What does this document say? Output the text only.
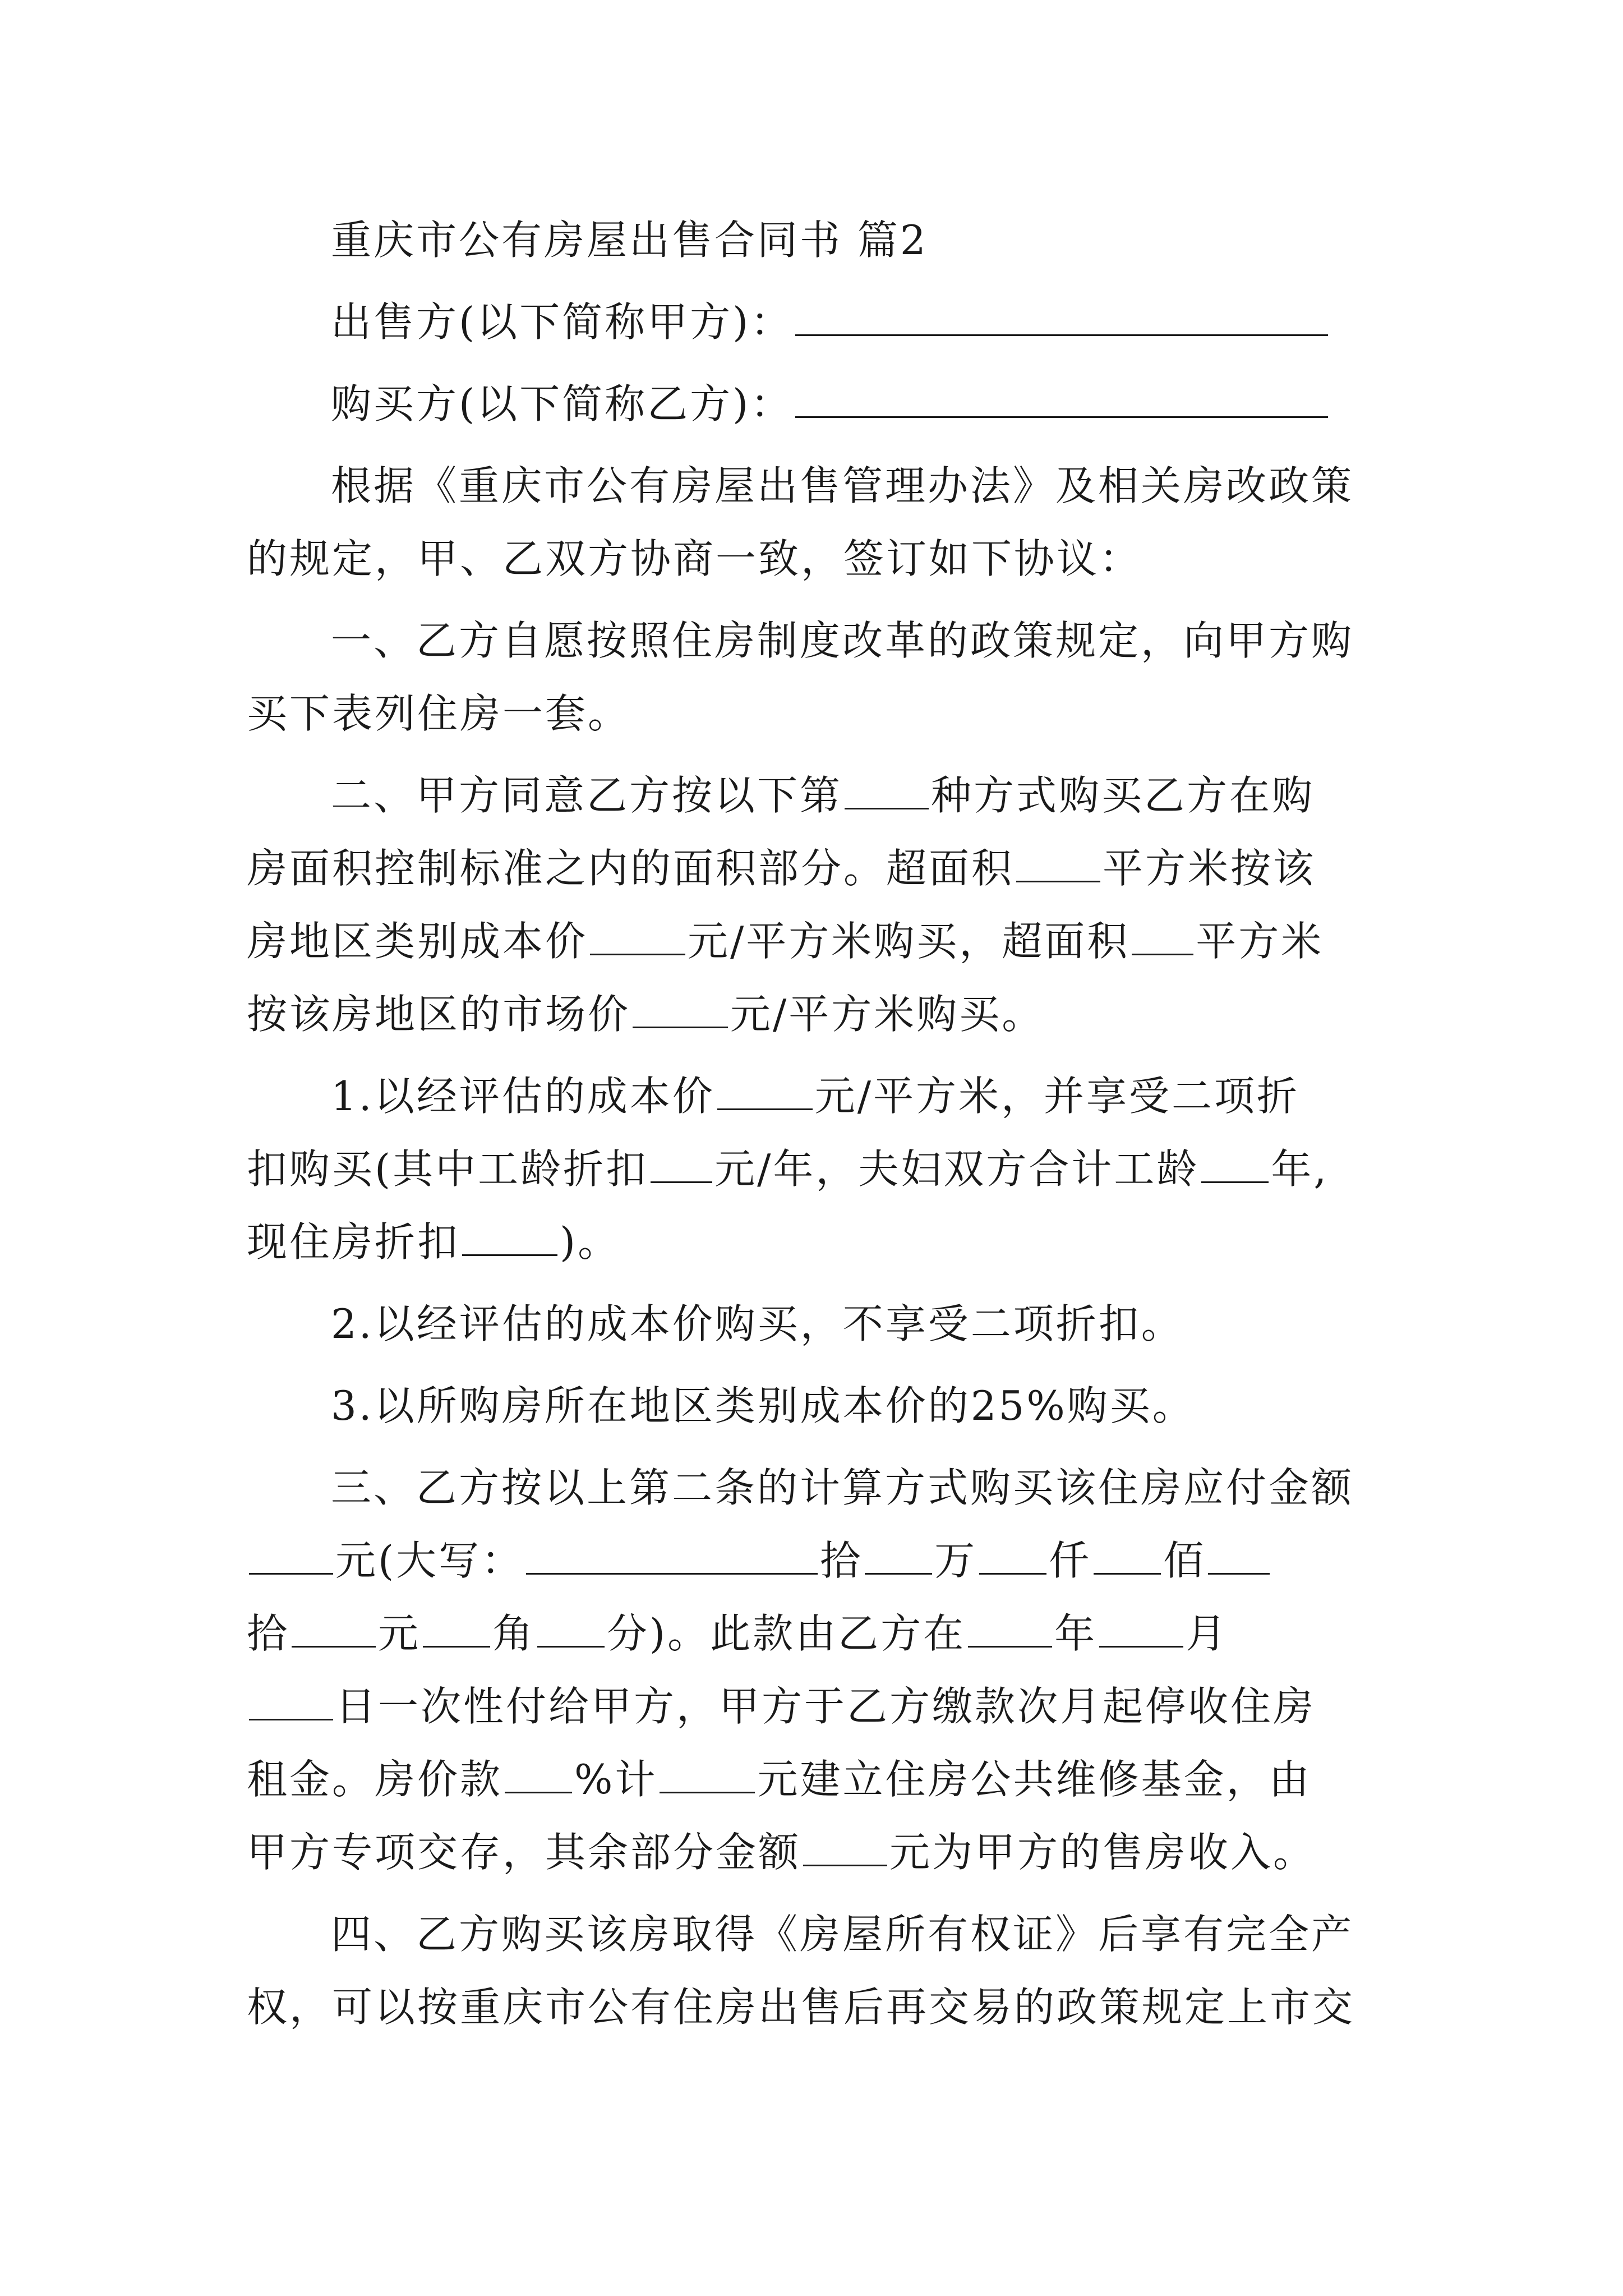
重庆市公有房屋出售合同书 篇2
出售方(以下简称甲方)：
购买方(以下简称乙方)：
根据《重庆市公有房屋出售管理办法》及相关房改政策
的规定，甲、乙双方协商一致，签订如下协议：
一、乙方自愿按照住房制度改革的政策规定，向甲方购
买下表列住房一套。
二、甲方同意乙方按以下第 种方式购买乙方在购
房面积控制标准之内的面积部分。超面积 平方米按该
房地区类别成本价 元/平方米购买，超面积 平方米
按该房地区的市场价 元/平方米购买。
1.以经评估的成本价 元/平方米，并享受二项折
扣购买(其中工龄折扣 元/年，夫妇双方合计工龄 年,
现住房折扣 )。
2.以经评估的成本价购买，不享受二项折扣。
3.以所购房所在地区类别成本价的25%购买。
三、乙方按以上第二条的计算方式购买该住房应付金额
元(大写：	拾 万 仟 佰
拾 元 角 分)。此款由乙方在 年 月
日一次性付给甲方，甲方于乙方缴款次月起停收住房
租金。房价款 %计 元建立住房公共维修基金，由
甲方专项交存，其余部分金额 元为甲方的售房收入。
四、乙方购买该房取得《房屋所有权证》后享有完全产
权，可以按重庆市公有住房出售后再交易的政策规定上市交
